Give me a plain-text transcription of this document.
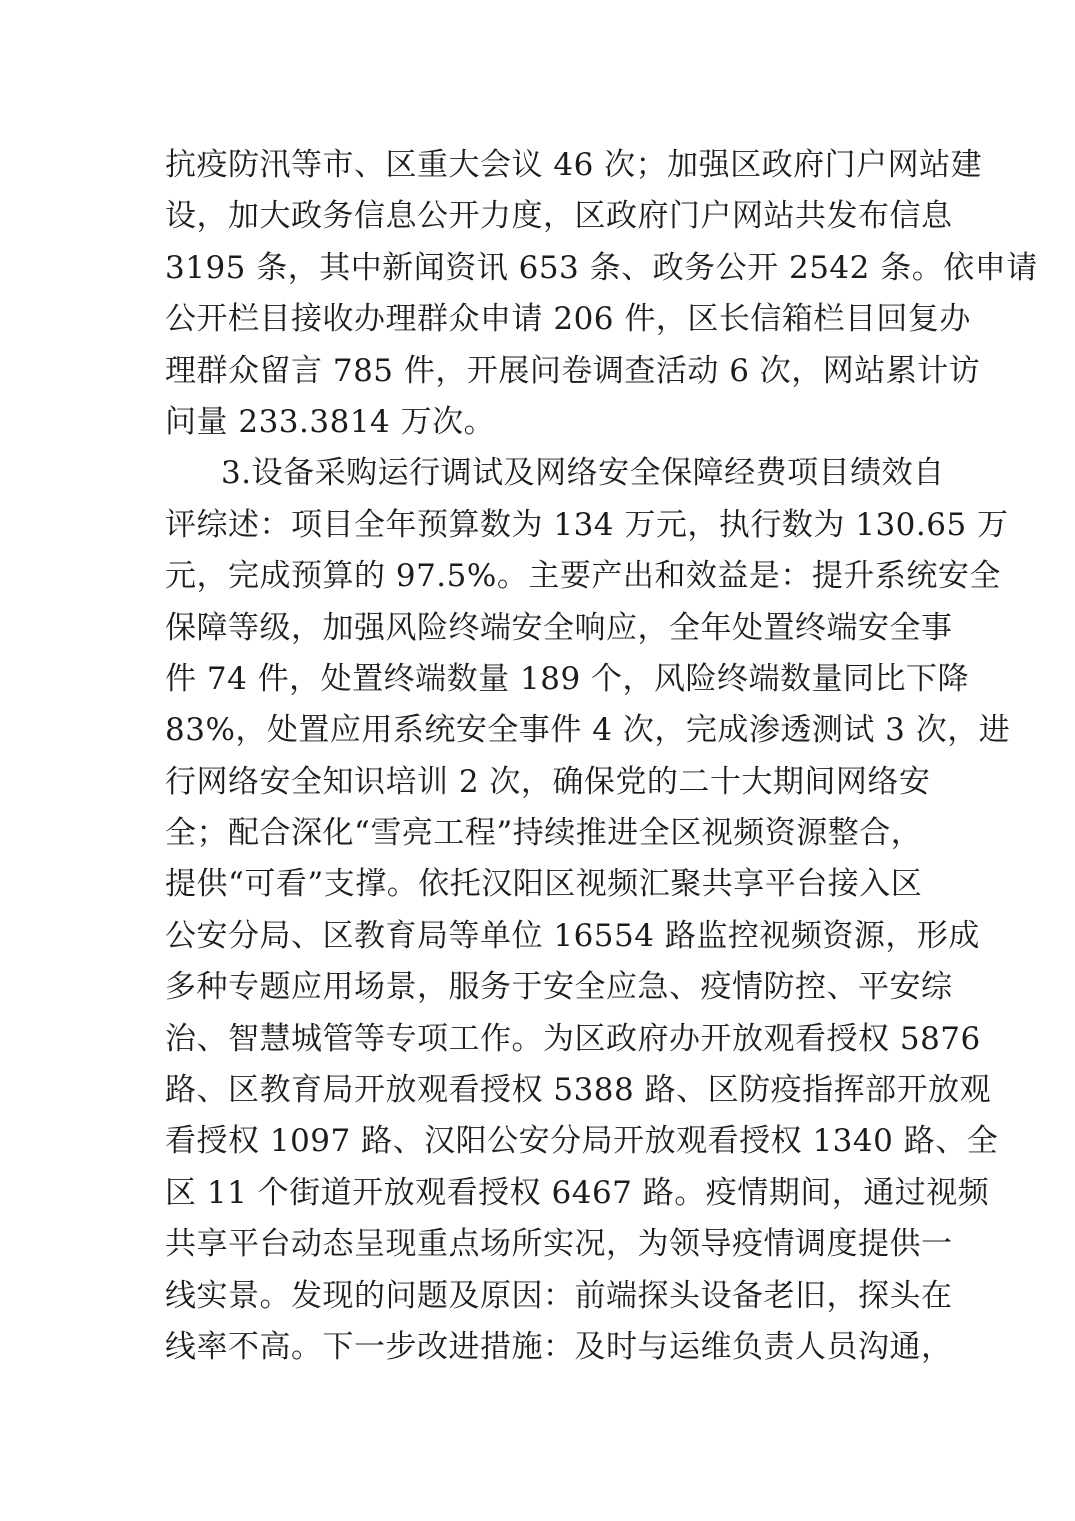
抗疫防汛等市、区重大会议 46 次；加强区政府门户网站建
设，加大政务信息公开力度，区政府门户网站共发布信息
3195 条，其中新闻资讯 653 条、政务公开 2542 条。依申请
公开栏目接收办理群众申请 206 件，区长信箱栏目回复办
理群众留言 785 件，开展问卷调查活动 6 次，网站累计访
问量 233.3814 万次。
3.设备采购运行调试及网络安全保障经费项目绩效自
评综述：项目全年预算数为 134 万元，执行数为 130.65 万
元，完成预算的 97.5%。主要产出和效益是：提升系统安全
保障等级，加强风险终端安全响应，全年处置终端安全事
件 74 件，处置终端数量 189 个，风险终端数量同比下降
83%，处置应用系统安全事件 4 次，完成渗透测试 3 次，进
行网络安全知识培训 2 次，确保党的二十大期间网络安
全；配合深化“雪亮工程”持续推进全区视频资源整合，
提供“可看”支撑。依托汉阳区视频汇聚共享平台接入区
公安分局、区教育局等单位 16554 路监控视频资源，形成
多种专题应用场景，服务于安全应急、疫情防控、平安综
治、智慧城管等专项工作。为区政府办开放观看授权 5876
路、区教育局开放观看授权 5388 路、区防疫指挥部开放观
看授权 1097 路、汉阳公安分局开放观看授权 1340 路、全
区 11 个街道开放观看授权 6467 路。疫情期间，通过视频
共享平台动态呈现重点场所实况，为领导疫情调度提供一
线实景。发现的问题及原因：前端探头设备老旧，探头在
线率不高。下一步改进措施：及时与运维负责人员沟通，
